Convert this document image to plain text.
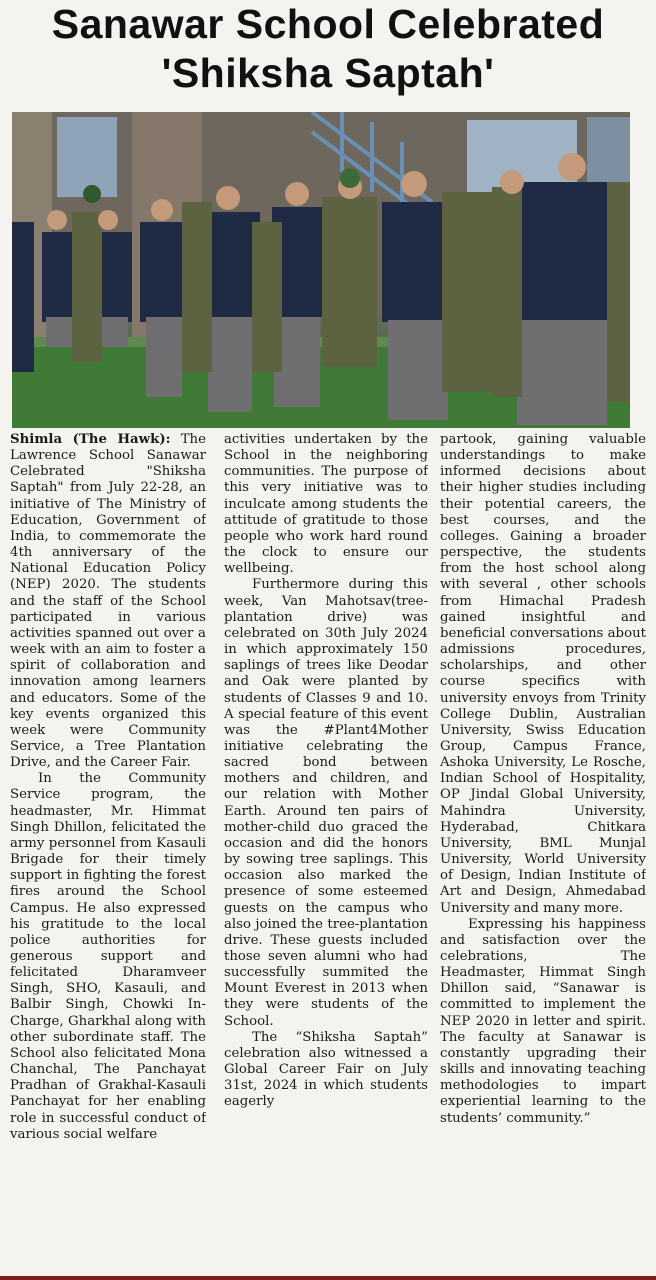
Sanawar School Celebrated
'Shiksha Saptah'

Shimla (The Hawk): The Lawrence School Sanawar Celebrated "Shiksha Saptah" from July 22-28, an initiative of The Ministry of Education, Government of India, to commemorate the 4th anniversary of the National Education Policy (NEP) 2020. The students and the staff of the School participated in various activities spanned out over a week with an aim to foster a spirit of collaboration and innovation among learners and educators. Some of the key events organized this week were Community Service, a Tree Plantation Drive, and the Career Fair.

In the Community Service program, the headmaster, Mr. Himmat Singh Dhillon, felicitated the army personnel from Kasauli Brigade for their timely support in fighting the forest fires around the School Campus. He also expressed his gratitude to the local police authorities for generous support and felicitated Dharamveer Singh, SHO, Kasauli, and Balbir Singh, Chowki In-Charge, Gharkhal along with other subordinate staff. The School also felicitated Mona Chanchal, The Panchayat Pradhan of Grakhal-Kasauli Panchayat for her enabling role in successful conduct of various social welfare

activities undertaken by the School in the neighboring communities. The purpose of this very initiative was to inculcate among students the attitude of gratitude to those people who work hard round the clock to ensure our wellbeing.

Furthermore during this week, Van Mahotsav(tree-plantation drive) was celebrated on 30th July 2024 in which approximately 150 saplings of trees like Deodar and Oak were planted by students of Classes 9 and 10. A special feature of this event was the #Plant4Mother initiative celebrating the sacred bond between mothers and children, and our relation with Mother Earth. Around ten pairs of mother-child duo graced the occasion and did the honors by sowing tree saplings. This occasion also marked the presence of some esteemed guests on the campus who also joined the tree-plantation drive. These guests included those seven alumni who had successfully summited the Mount Everest in 2013 when they were students of the School.

The “Shiksha Saptah” celebration also witnessed a Global Career Fair on July 31st, 2024 in which students eagerly

partook, gaining valuable understandings to make informed decisions about their higher studies including their potential careers, the best courses, and the colleges. Gaining a broader perspective, the students from the host school along with several , other schools from Himachal Pradesh gained insightful and beneficial conversations about admissions procedures, scholarships, and other course specifics with university envoys from Trinity College Dublin, Australian University, Swiss Education Group, Campus France, Ashoka University, Le Rosche, Indian School of Hospitality, OP Jindal Global University, Mahindra University, Hyderabad, Chitkara University, BML Munjal University, World University of Design, Indian Institute of Art and Design, Ahmedabad University and many more.

Expressing his happiness and satisfaction over the celebrations, The Headmaster, Himmat Singh Dhillon said, “Sanawar is committed to implement the NEP 2020 in letter and spirit. The faculty at Sanawar is constantly upgrading their skills and innovating teaching methodologies to impart experiential learning to the students’ community.”
